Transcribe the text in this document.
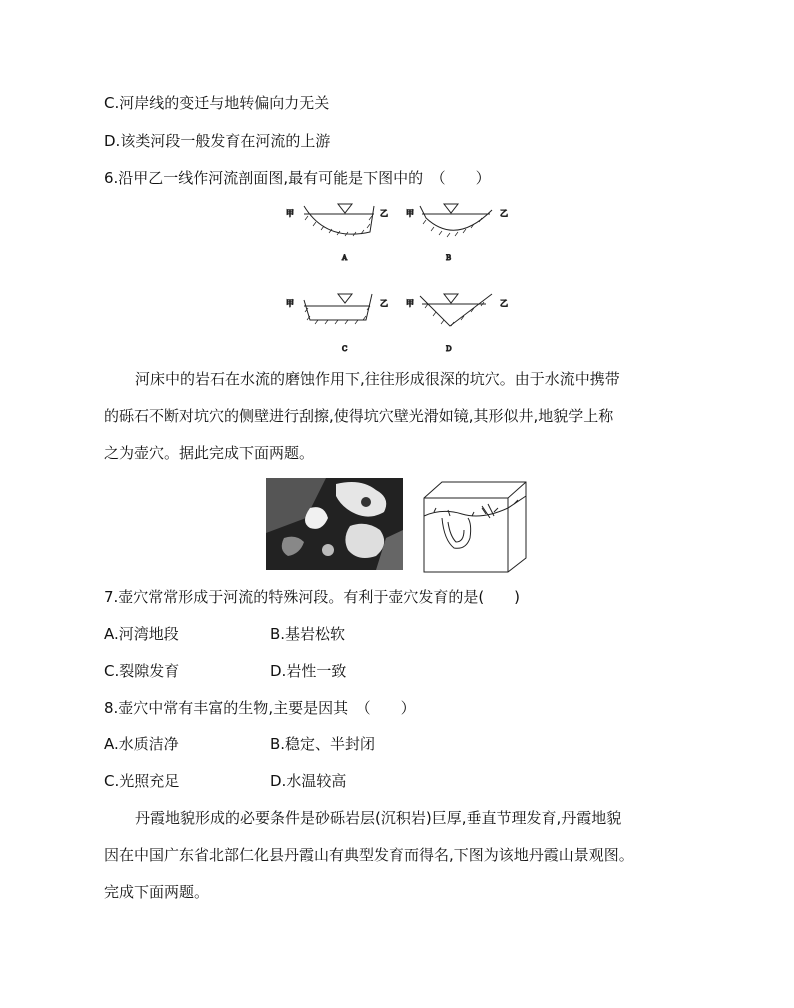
C.河岸线的变迁与地转偏向力无关
D.该类河段一般发育在河流的上游
6.沿甲乙一线作河流剖面图,最有可能是下图中的　（　　）
甲	乙
A
甲	乙
B
甲	乙
C
甲	乙
D
河床中的岩石在水流的磨蚀作用下,往往形成很深的坑穴。由于水流中携带
的砾石不断对坑穴的侧壁进行刮擦,使得坑穴壁光滑如镜,其形似井,地貌学上称
之为壶穴。据此完成下面两题。
7.壶穴常常形成于河流的特殊河段。有利于壶穴发育的是(　　)
A.河湾地段	B.基岩松软
C.裂隙发育	D.岩性一致
8.壶穴中常有丰富的生物,主要是因其　（　　）
A.水质洁净	B.稳定、半封闭
C.光照充足	D.水温较高
丹霞地貌形成的必要条件是砂砾岩层(沉积岩)巨厚,垂直节理发育,丹霞地貌
因在中国广东省北部仁化县丹霞山有典型发育而得名,下图为该地丹霞山景观图。
完成下面两题。
